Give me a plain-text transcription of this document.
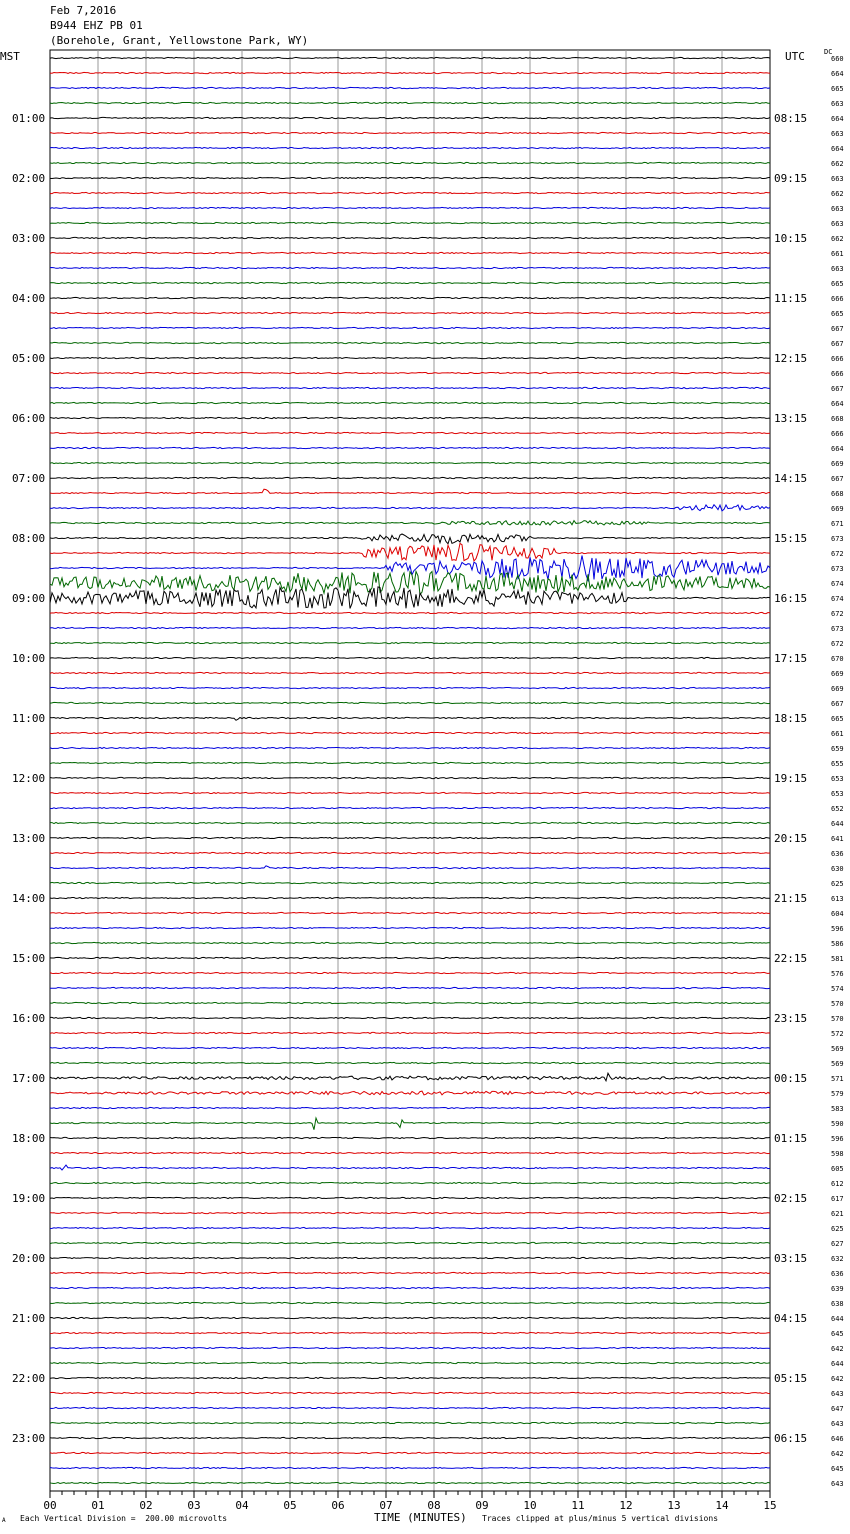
Feb 7,2016
B944 EHZ PB 01
(Borehole, Grant, Yellowstone Park, WY)
MST	UTC	DC
01:00
02:00
03:00
04:00
05:00
06:00
07:00
08:00
09:00
10:00
11:00
12:00
13:00
14:00
15:00
16:00
17:00
18:00
19:00
20:00
21:00
22:00
23:00
08:15
09:15
10:15
11:15
12:15
13:15
14:15
15:15
16:15
17:15
18:15
19:15
20:15
21:15
22:15
23:15
00:15
01:15
02:15
03:15
04:15
05:15
06:15
660
664
665
663
664
663
664
662
663
662
663
663
662
661
663
665
666
665
667
667
666
666
667
664
668
666
664
669
667
668
669
671
673
672
673
674
674
672
673
672
670
669
669
667
665
661
659
655
653
653
652
644
641
636
630
625
613
604
596
586
581
576
574
570
570
572
569
569
571
579
583
590
596
598
605
612
617
621
625
627
632
636
639
638
644
645
642
644
642
643
647
643
646
642
645
643
00	01	02	03	04	05	06	07	08	09	10	11	12	13	14	15
A Each Vertical Division =  200.00 microvolts	TIME (MINUTES) Traces clipped at plus/minus 5 vertical divisions
